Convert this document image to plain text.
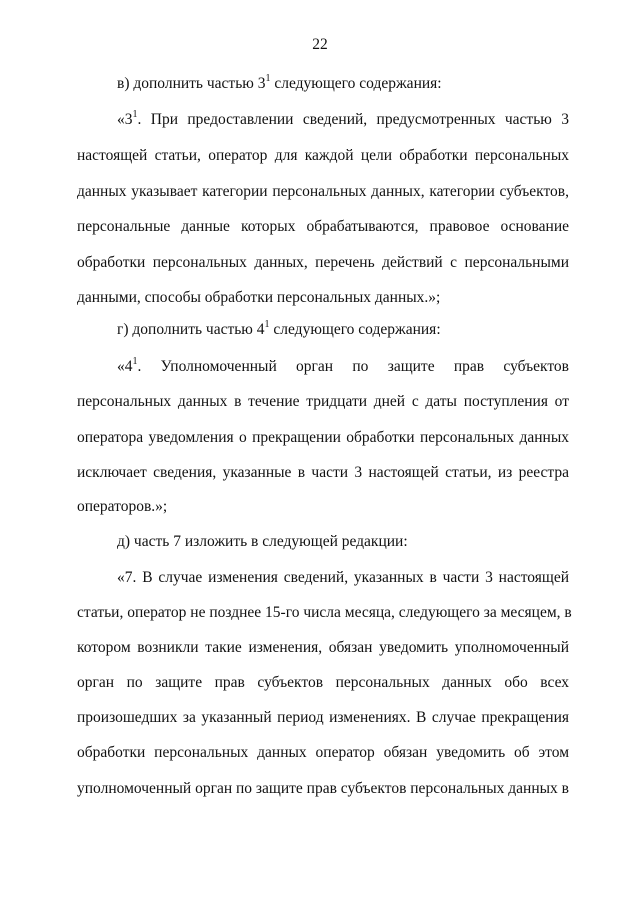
22
в) дополнить частью $3^1$ следующего содержания:
«$3^1$. При предоставлении сведений, предусмотренных частью 3
настоящей статьи, оператор для каждой цели обработки персональных
данных указывает категории персональных данных, категории субъектов,
персональные данные которых обрабатываются, правовое основание
обработки персональных данных, перечень действий с персональными
данными, способы обработки персональных данных.»;
г) дополнить частью $4^1$ следующего содержания:
«$4^1$. Уполномоченный орган по защите прав субъектов
персональных данных в течение тридцати дней с даты поступления от
оператора уведомления о прекращении обработки персональных данных
исключает сведения, указанные в части 3 настоящей статьи, из реестра
операторов.»;
д) часть 7 изложить в следующей редакции:
«7. В случае изменения сведений, указанных в части 3 настоящей
статьи, оператор не позднее 15-го числа месяца, следующего за месяцем, в
котором возникли такие изменения, обязан уведомить уполномоченный
орган по защите прав субъектов персональных данных обо всех
произошедших за указанный период изменениях. В случае прекращения
обработки персональных данных оператор обязан уведомить об этом
уполномоченный орган по защите прав субъектов персональных данных в
